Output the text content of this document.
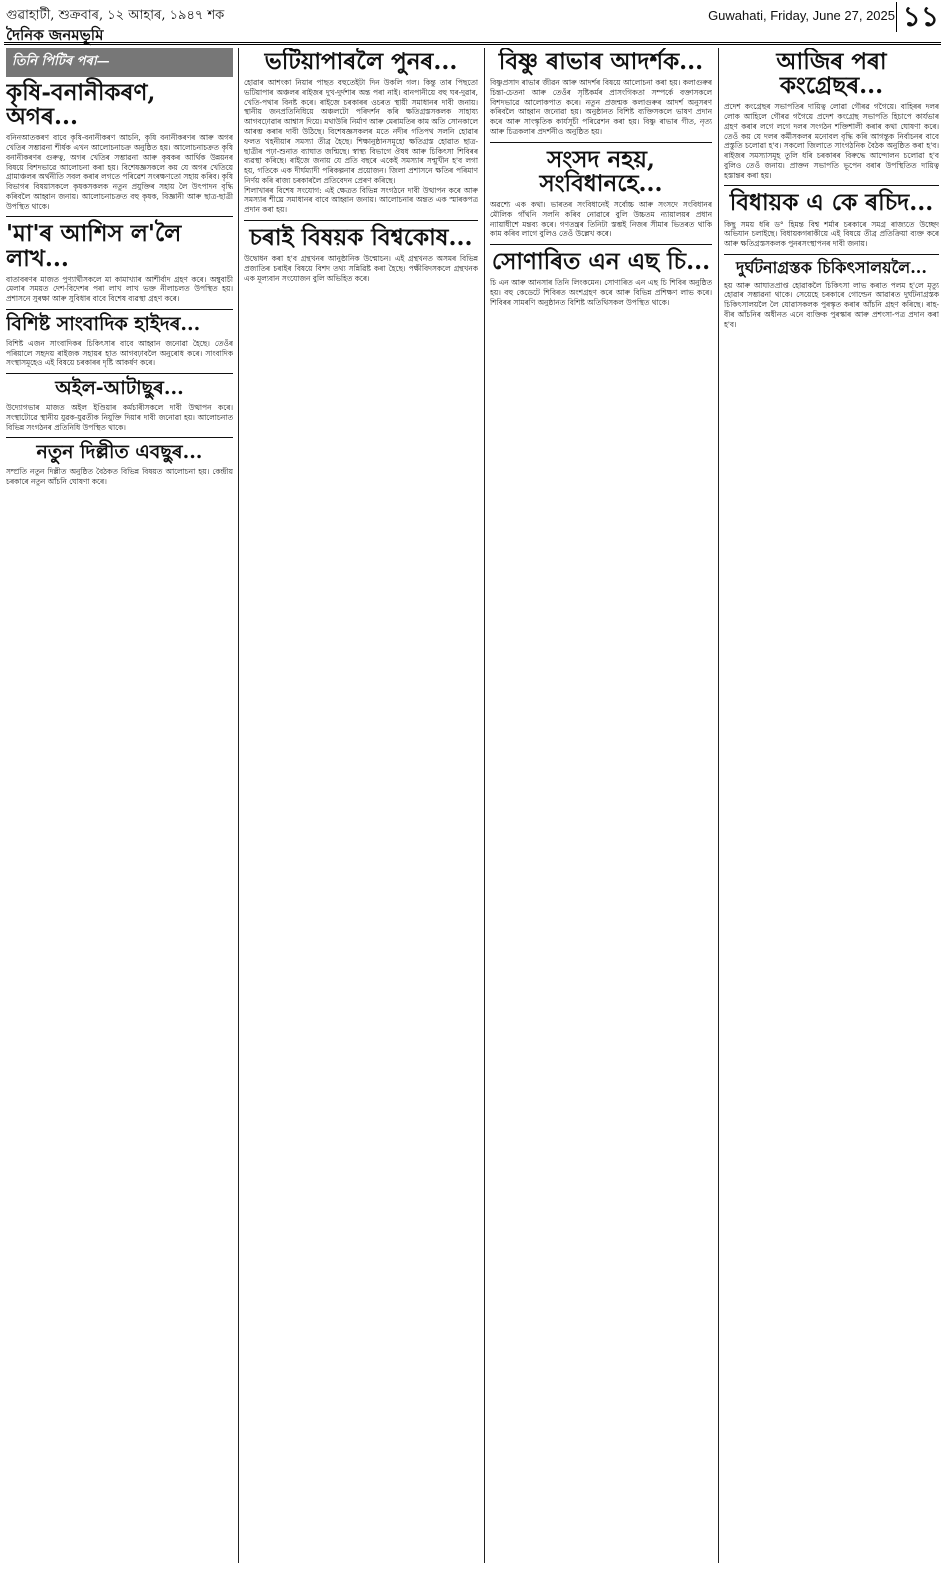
গুৱাহাটী, শুক্রবাৰ, ১২ আহাৰ, ১৯৪৭ শক	Guwahati, Friday, June 27, 2025 ১১
দৈনিক জনমভূমি
তিনি পিটিৰ পৰা—
কৃষি-বনানীকৰণ, অগৰ...

বনিনআতকৰণ বাবে কৃষি-বনানীকৰণ আচনি, কৃষি বনানীকৰণৰ আৰু অগৰ খেতিৰ সম্ভাৱনা শীৰ্ষক এখন আলোচনাচক্ৰ অনুষ্ঠিত হয়। আলোচনাচক্ৰত কৃষি বনানীকৰণৰ গুৰুত্ব, অগৰ খেতিৰ সম্ভাৱনা আৰু কৃষকৰ আৰ্থিক উন্নয়নৰ বিষয়ে বিশদভাৱে আলোচনা কৰা হয়। বিশেষজ্ঞসকলে কয় যে অগৰ খেতিয়ে গ্ৰামাঞ্চলৰ অৰ্থনীতি সবল কৰাৰ লগতে পৰিৱেশ সংৰক্ষণতো সহায় কৰিব। কৃষি বিভাগৰ বিষয়াসকলে কৃষকসকলক নতুন প্ৰযুক্তিৰ সহায় লৈ উৎপাদন বৃদ্ধি কৰিবলৈ আহ্বান জনায়। আলোচনাচক্ৰত বহু কৃষক, বিজ্ঞানী আৰু ছাত্ৰ-ছাত্ৰী উপস্থিত থাকে।

'মা'ৰ আশিস ল'লৈ লাখ...

বাতাবৰণৰ মাজত পুণ্যাৰ্থীসকলে মা কামাখ্যাৰ আশীৰ্বাদ গ্ৰহণ কৰে। অম্বুবাচী মেলাৰ সময়ত দেশ-বিদেশৰ পৰা লাখ লাখ ভক্ত নীলাচলত উপস্থিত হয়। প্ৰশাসনে সুৰক্ষা আৰু সুবিধাৰ বাবে বিশেষ ব্যৱস্থা গ্ৰহণ কৰে।

বিশিষ্ট সাংবাদিক হাইদৰ...

বিশিষ্ট এজন সাংবাদিকৰ চিকিৎসাৰ বাবে আহ্বান জনোৱা হৈছে। তেওঁৰ পৰিয়ালে সহৃদয় ৰাইজক সহায়ৰ হাত আগবঢ়াবলৈ অনুৰোধ কৰে। সাংবাদিক সংস্থাসমূহেও এই বিষয়ে চৰকাৰৰ দৃষ্টি আকৰ্ষণ কৰে।

অইল-আটাছুৰ...

উদ্যোগভাৰ মাজত অইল ইণ্ডিয়াৰ কৰ্মচাৰীসকলে দাবী উত্থাপন কৰে। সংস্থাটোৱে স্থানীয় যুৱক-যুৱতীক নিযুক্তি দিয়াৰ দাবী জনোৱা হয়। আলোচনাত বিভিন্ন সংগঠনৰ প্ৰতিনিধি উপস্থিত থাকে।

নতুন দিল্লীত এবছুৰ...

সম্প্ৰতি নতুন দিল্লীত অনুষ্ঠিত বৈঠকত বিভিন্ন বিষয়ত আলোচনা হয়। কেন্দ্ৰীয় চৰকাৰে নতুন আঁচনি ঘোষণা কৰে।

ভটিয়াপাৰলৈ পুনৰ...

হোৱাৰ আশংকা নিয়াৰ পাছত বহুতেইটা দিন উকলি গল। কিন্তু তাৰ পিছতো ভটিয়াপাৰ অঞ্চলৰ ৰাইজৰ দুখ-দুৰ্দশাৰ অন্ত পৰা নাই। বানপানীয়ে বহু ঘৰ-দুৱাৰ, খেতি-পথাৰ বিনষ্ট কৰে। ৰাইজে চৰকাৰৰ ওচৰত স্থায়ী সমাধানৰ দাবী জনায়। স্থানীয় জনপ্ৰতিনিধিয়ে অঞ্চলটো পৰিদৰ্শন কৰি ক্ষতিগ্ৰস্তসকলক সাহায্য আগবঢ়োৱাৰ আশ্বাস দিয়ে। মথাউৰি নিৰ্মাণ আৰু মেৰামতিৰ কাম অতি সোনকালে আৰম্ভ কৰাৰ দাবী উঠিছে। বিশেষজ্ঞসকলৰ মতে নদীৰ গতিপথ সলনি হোৱাৰ ফলত খহনীয়াৰ সমস্যা তীব্ৰ হৈছে। শিক্ষানুষ্ঠানসমূহো ক্ষতিগ্ৰস্ত হোৱাত ছাত্ৰ-ছাত্ৰীৰ পঢ়া-শুনাত ব্যাঘাত জন্মিছে। স্বাস্থ্য বিভাগে ঔষধ আৰু চিকিৎসা শিবিৰৰ ব্যৱস্থা কৰিছে। ৰাইজে জনায় যে প্ৰতি বছৰে একেই সমস্যাৰ সন্মুখীন হ'ব লগা হয়, গতিকে এক দীৰ্ঘম্যাদী পৰিকল্পনাৰ প্ৰয়োজন। জিলা প্ৰশাসনে ক্ষতিৰ পৰিমাণ নিৰ্ণয় কৰি ৰাজ্য চৰকাৰলৈ প্ৰতিবেদন প্ৰেৰণ কৰিছে।

শিলাখাৰৰ বিশেষ সংযোগ: এই ক্ষেত্ৰত বিভিন্ন সংগঠনে দাবী উত্থাপন কৰে আৰু সমস্যাৰ শীঘ্ৰে সমাধানৰ বাবে আহ্বান জনায়। আলোচনাৰ অন্তত এক স্মাৰকপত্ৰ প্ৰদান কৰা হয়।

চৰাই বিষয়ক বিশ্বকোষ...

উদ্বোধন কৰা হ'ব গ্ৰন্থখনৰ আনুষ্ঠানিক উন্মোচন। এই গ্ৰন্থখনত অসমৰ বিভিন্ন প্ৰজাতিৰ চৰাইৰ বিষয়ে বিশদ তথ্য সন্নিৱিষ্ট কৰা হৈছে। পক্ষীবিদসকলে গ্ৰন্থখনক এক মূল্যবান সংযোজন বুলি অভিহিত কৰে।

বিষ্ণু ৰাভাৰ আদৰ্শক...

বিষ্ণুপ্ৰসাদ ৰাভাৰ জীৱন আৰু আদৰ্শৰ বিষয়ে আলোচনা কৰা হয়। কলাগুৰুৰ চিন্তা-চেতনা আৰু তেওঁৰ সৃষ্টিকৰ্মৰ প্ৰাসংগিকতা সম্পৰ্কে বক্তাসকলে বিশদভাৱে আলোকপাত কৰে। নতুন প্ৰজন্মক কলাগুৰুৰ আদৰ্শ অনুসৰণ কৰিবলৈ আহ্বান জনোৱা হয়। অনুষ্ঠানত বিশিষ্ট ব্যক্তিসকলে ভাষণ প্ৰদান কৰে আৰু সাংস্কৃতিক কাৰ্যসূচী পৰিৱেশন কৰা হয়। বিষ্ণু ৰাভাৰ গীত, নৃত্য আৰু চিত্ৰকলাৰ প্ৰদৰ্শনীও অনুষ্ঠিত হয়।

সংসদ নহয়, সংবিধানহে...

অৱশ্যে এক কথা। ভাৰতৰ সংবিধানেই সৰ্বোচ্চ আৰু সংসদে সংবিধানৰ মৌলিক গাঁথনি সলনি কৰিব নোৱাৰে বুলি উচ্চতম ন্যায়ালয়ৰ প্ৰধান ন্যায়াধীশে মন্তব্য কৰে। গণতন্ত্ৰৰ তিনিটা স্তম্ভই নিজৰ সীমাৰ ভিতৰত থাকি কাম কৰিব লাগে বুলিও তেওঁ উল্লেখ কৰে।

সোণাৰিত এন এছ চি...

চি এন আৰু আনসাৰ তিনি লিংকমেন। সোণাৰিত এন এছ চি শিবিৰ অনুষ্ঠিত হয়। বহু কেডেটে শিবিৰত অংশগ্ৰহণ কৰে আৰু বিভিন্ন প্ৰশিক্ষণ লাভ কৰে। শিবিৰৰ সামৰণি অনুষ্ঠানত বিশিষ্ট অতিথিসকল উপস্থিত থাকে।

আজিৰ পৰা কংগ্ৰেছৰ...

প্ৰদেশ কংগ্ৰেছৰ সভাপতিৰ দায়িত্ব লোৱা গৌৰৱ গগৈয়ে। বাহিৰৰ দলৰ লোক আহিলে গৌৰৱ গগৈয়ে প্ৰদেশ কংগ্ৰেছ সভাপতি হিচাপে কাৰ্যভাৰ গ্ৰহণ কৰাৰ লগে লগে দলৰ সংগঠন শক্তিশালী কৰাৰ কথা ঘোষণা কৰে। তেওঁ কয় যে দলৰ কৰ্মীসকলৰ মনোবল বৃদ্ধি কৰি আগন্তুক নিৰ্বাচনৰ বাবে প্ৰস্তুতি চলোৱা হ'ব। সকলো জিলাতে সাংগঠনিক বৈঠক অনুষ্ঠিত কৰা হ'ব। ৰাইজৰ সমস্যাসমূহ তুলি ধৰি চৰকাৰৰ বিৰুদ্ধে আন্দোলন চলোৱা হ'ব বুলিও তেওঁ জনায়। প্ৰাক্তন সভাপতি ভূপেন বৰাৰ উপস্থিতিত দায়িত্ব হস্তান্তৰ কৰা হয়।

বিধায়ক এ কে ৰচিদ...

কিছু সময় ধৰি ড° হিমন্ত বিশ্ব শৰ্মাৰ চৰকাৰে সমগ্ৰ ৰাজ্যতে উচ্ছেদ অভিযান চলাইছে। বিধায়কগৰাকীয়ে এই বিষয়ে তীব্ৰ প্ৰতিক্ৰিয়া ব্যক্ত কৰে আৰু ক্ষতিগ্ৰস্তসকলক পুনৰসংস্থাপনৰ দাবী জনায়।

দুৰ্ঘটনাগ্ৰস্তক চিকিৎসালয়লৈ...

হয় আৰু আঘাতপ্ৰাপ্ত হোৱাকলৈ চিকিৎসা লাভ কৰাত পলম হ'লে মৃত্যু হোৱাৰ সম্ভাৱনা থাকে। সেয়েহে চৰকাৰে গোল্ডেন আৱাৰত দুৰ্ঘটনাগ্ৰস্তক চিকিৎসালয়লৈ লৈ যোৱাসকলক পুৰস্কৃত কৰাৰ আঁচনি গ্ৰহণ কৰিছে। ৰাহ-বীৰ আঁচনিৰ অধীনত এনে ব্যক্তিক পুৰস্কাৰ আৰু প্ৰশংসা-পত্ৰ প্ৰদান কৰা হ'ব।
